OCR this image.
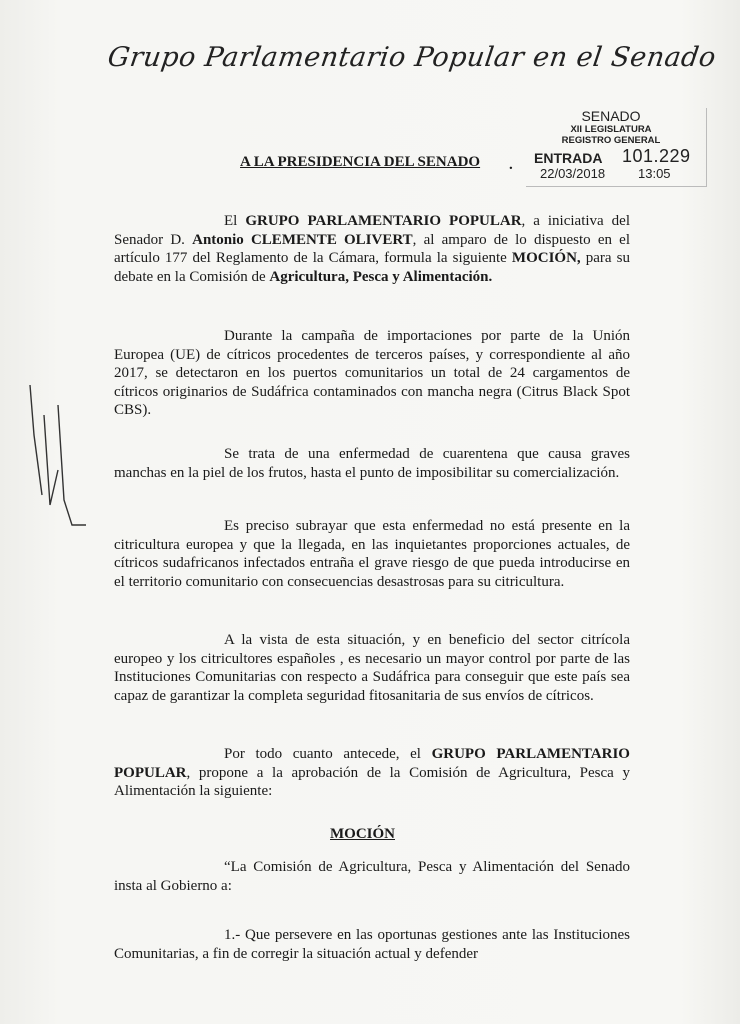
Grupo Parlamentario Popular en el Senado
SENADO
XII LEGISLATURA
REGISTRO GENERAL
ENTRADA 101.229
22/03/2018	13:05
A LA PRESIDENCIA DEL SENADO .

El GRUPO PARLAMENTARIO POPULAR, a iniciativa del Senador D. Antonio CLEMENTE OLIVERT, al amparo de lo dispuesto en el artículo 177 del Reglamento de la Cámara, formula la siguiente MOCIÓN, para su debate en la Comisión de Agricultura, Pesca y Alimentación.

Durante la campaña de importaciones por parte de la Unión Europea (UE) de cítricos procedentes de terceros países, y correspondiente al año 2017, se detectaron en los puertos comunitarios un total de 24 cargamentos de cítricos originarios de Sudáfrica contaminados con mancha negra (Citrus Black Spot CBS).

Se trata de una enfermedad de cuarentena que causa graves manchas en la piel de los frutos, hasta el punto de imposibilitar su comercialización.

Es preciso subrayar que esta enfermedad no está presente en la citricultura europea y que la llegada, en las inquietantes proporciones actuales, de cítricos sudafricanos infectados entraña el grave riesgo de que pueda introducirse en el territorio comunitario con consecuencias desastrosas para su citricultura.

A la vista de esta situación, y en beneficio del sector citrícola europeo y los citricultores españoles , es necesario un mayor control por parte de las Instituciones Comunitarias con respecto a Sudáfrica para conseguir que este país sea capaz de garantizar la completa seguridad fitosanitaria de sus envíos de cítricos.

Por todo cuanto antecede, el GRUPO PARLAMENTARIO POPULAR, propone a la aprobación de la Comisión de Agricultura, Pesca y Alimentación la siguiente:

MOCIÓN

“La Comisión de Agricultura, Pesca y Alimentación del Senado insta al Gobierno a:

1.- Que persevere en las oportunas gestiones ante las Instituciones Comunitarias, a fin de corregir la situación actual y defender
